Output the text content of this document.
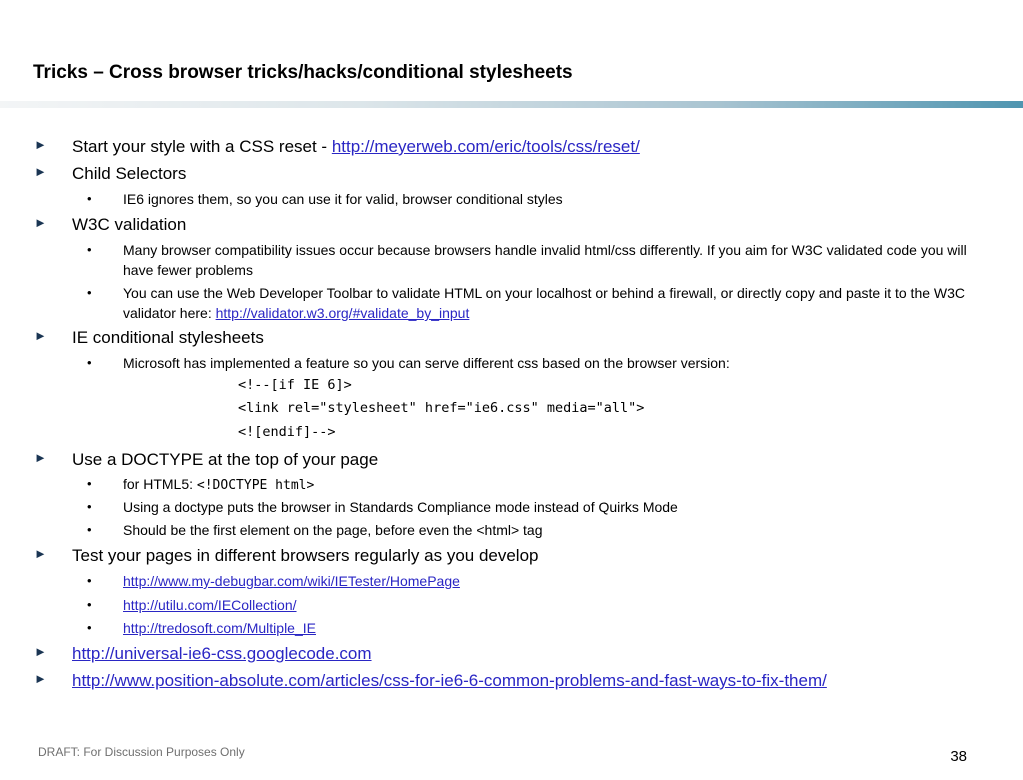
Tricks – Cross browser tricks/hacks/conditional stylesheets
► Start your style with a CSS reset - http://meyerweb.com/eric/tools/css/reset/
► Child Selectors
• IE6 ignores them, so you can use it for valid, browser conditional styles
► W3C validation
• Many browser compatibility issues occur because browsers handle invalid html/css differently. If you aim for W3C validated code you will have fewer problems
• You can use the Web Developer Toolbar to validate HTML on your localhost or behind a firewall, or directly copy and paste it to the W3C validator here: http://validator.w3.org/#validate_by_input
► IE conditional stylesheets
• Microsoft has implemented a feature so you can serve different css based on the browser version:
<!--[if IE 6]>
<link rel="stylesheet" href="ie6.css" media="all">
<![endif]-->
► Use a DOCTYPE at the top of your page
• for HTML5: <!DOCTYPE html>
• Using a doctype puts the browser in Standards Compliance mode instead of Quirks Mode
• Should be the first element on the page, before even the <html> tag
► Test your pages in different browsers regularly as you develop
• http://www.my-debugbar.com/wiki/IETester/HomePage
• http://utilu.com/IECollection/
• http://tredosoft.com/Multiple_IE
► http://universal-ie6-css.googlecode.com
► http://www.position-absolute.com/articles/css-for-ie6-6-common-problems-and-fast-ways-to-fix-them/
DRAFT: For Discussion Purposes Only	38
